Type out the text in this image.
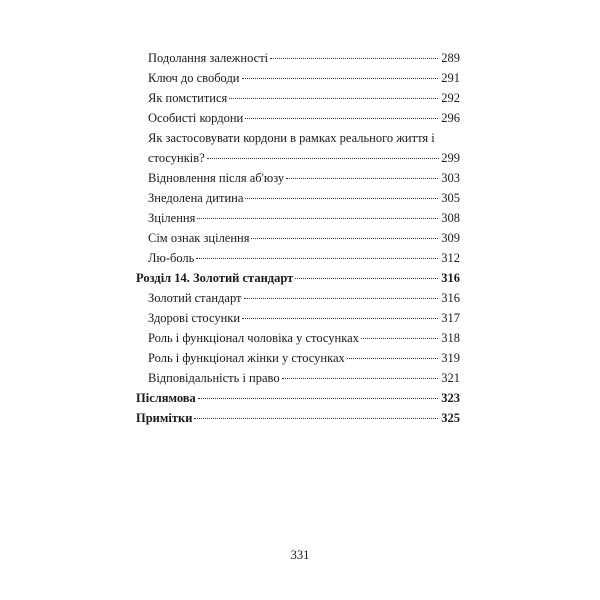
Подолання залежності	289
Ключ до свободи	291
Як помститися	292
Особисті кордони	296
Як застосовувати кордони в рамках реального життя і
стосунків?	299
Відновлення після аб'юзу	303
Знедолена дитина	305
Зцілення	308
Сім ознак зцілення	309
Лю-боль	312
Розділ 14. Золотий стандарт	316
Золотий стандарт	316
Здорові стосунки	317
Роль і функціонал чоловіка у стосунках	318
Роль і функціонал жінки у стосунках	319
Відповідальність і право	321
Післямова	323
Примітки	325
331
